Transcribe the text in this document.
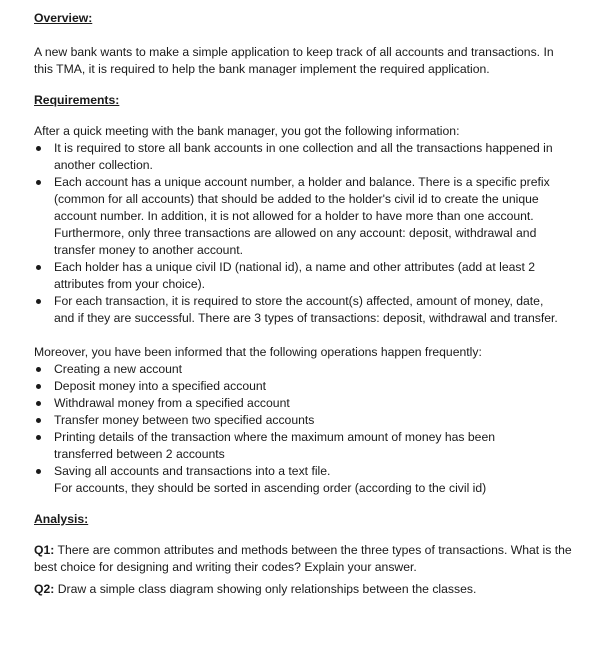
Overview:

A new bank wants to make a simple application to keep track of all accounts and transactions. In this TMA, it is required to help the bank manager implement the required application.

Requirements:

After a quick meeting with the bank manager, you got the following information:

It is required to store all bank accounts in one collection and all the transactions happened in another collection.
Each account has a unique account number, a holder and balance. There is a specific prefix (common for all accounts) that should be added to the holder's civil id to create the unique account number. In addition, it is not allowed for a holder to have more than one account. Furthermore, only three transactions are allowed on any account: deposit, withdrawal and transfer money to another account.
Each holder has a unique civil ID (national id), a name and other attributes (add at least 2 attributes from your choice).
For each transaction, it is required to store the account(s) affected, amount of money, date, and if they are successful. There are 3 types of transactions: deposit, withdrawal and transfer.

Moreover, you have been informed that the following operations happen frequently:

Creating a new account
Deposit money into a specified account
Withdrawal money from a specified account
Transfer money between two specified accounts
Printing details of the transaction where the maximum amount of money has been transferred between 2 accounts
Saving all accounts and transactions into a text file.
For accounts, they should be sorted in ascending order (according to the civil id)

Analysis:

Q1: There are common attributes and methods between the three types of transactions. What is the best choice for designing and writing their codes? Explain your answer.

Q2: Draw a simple class diagram showing only relationships between the classes.
